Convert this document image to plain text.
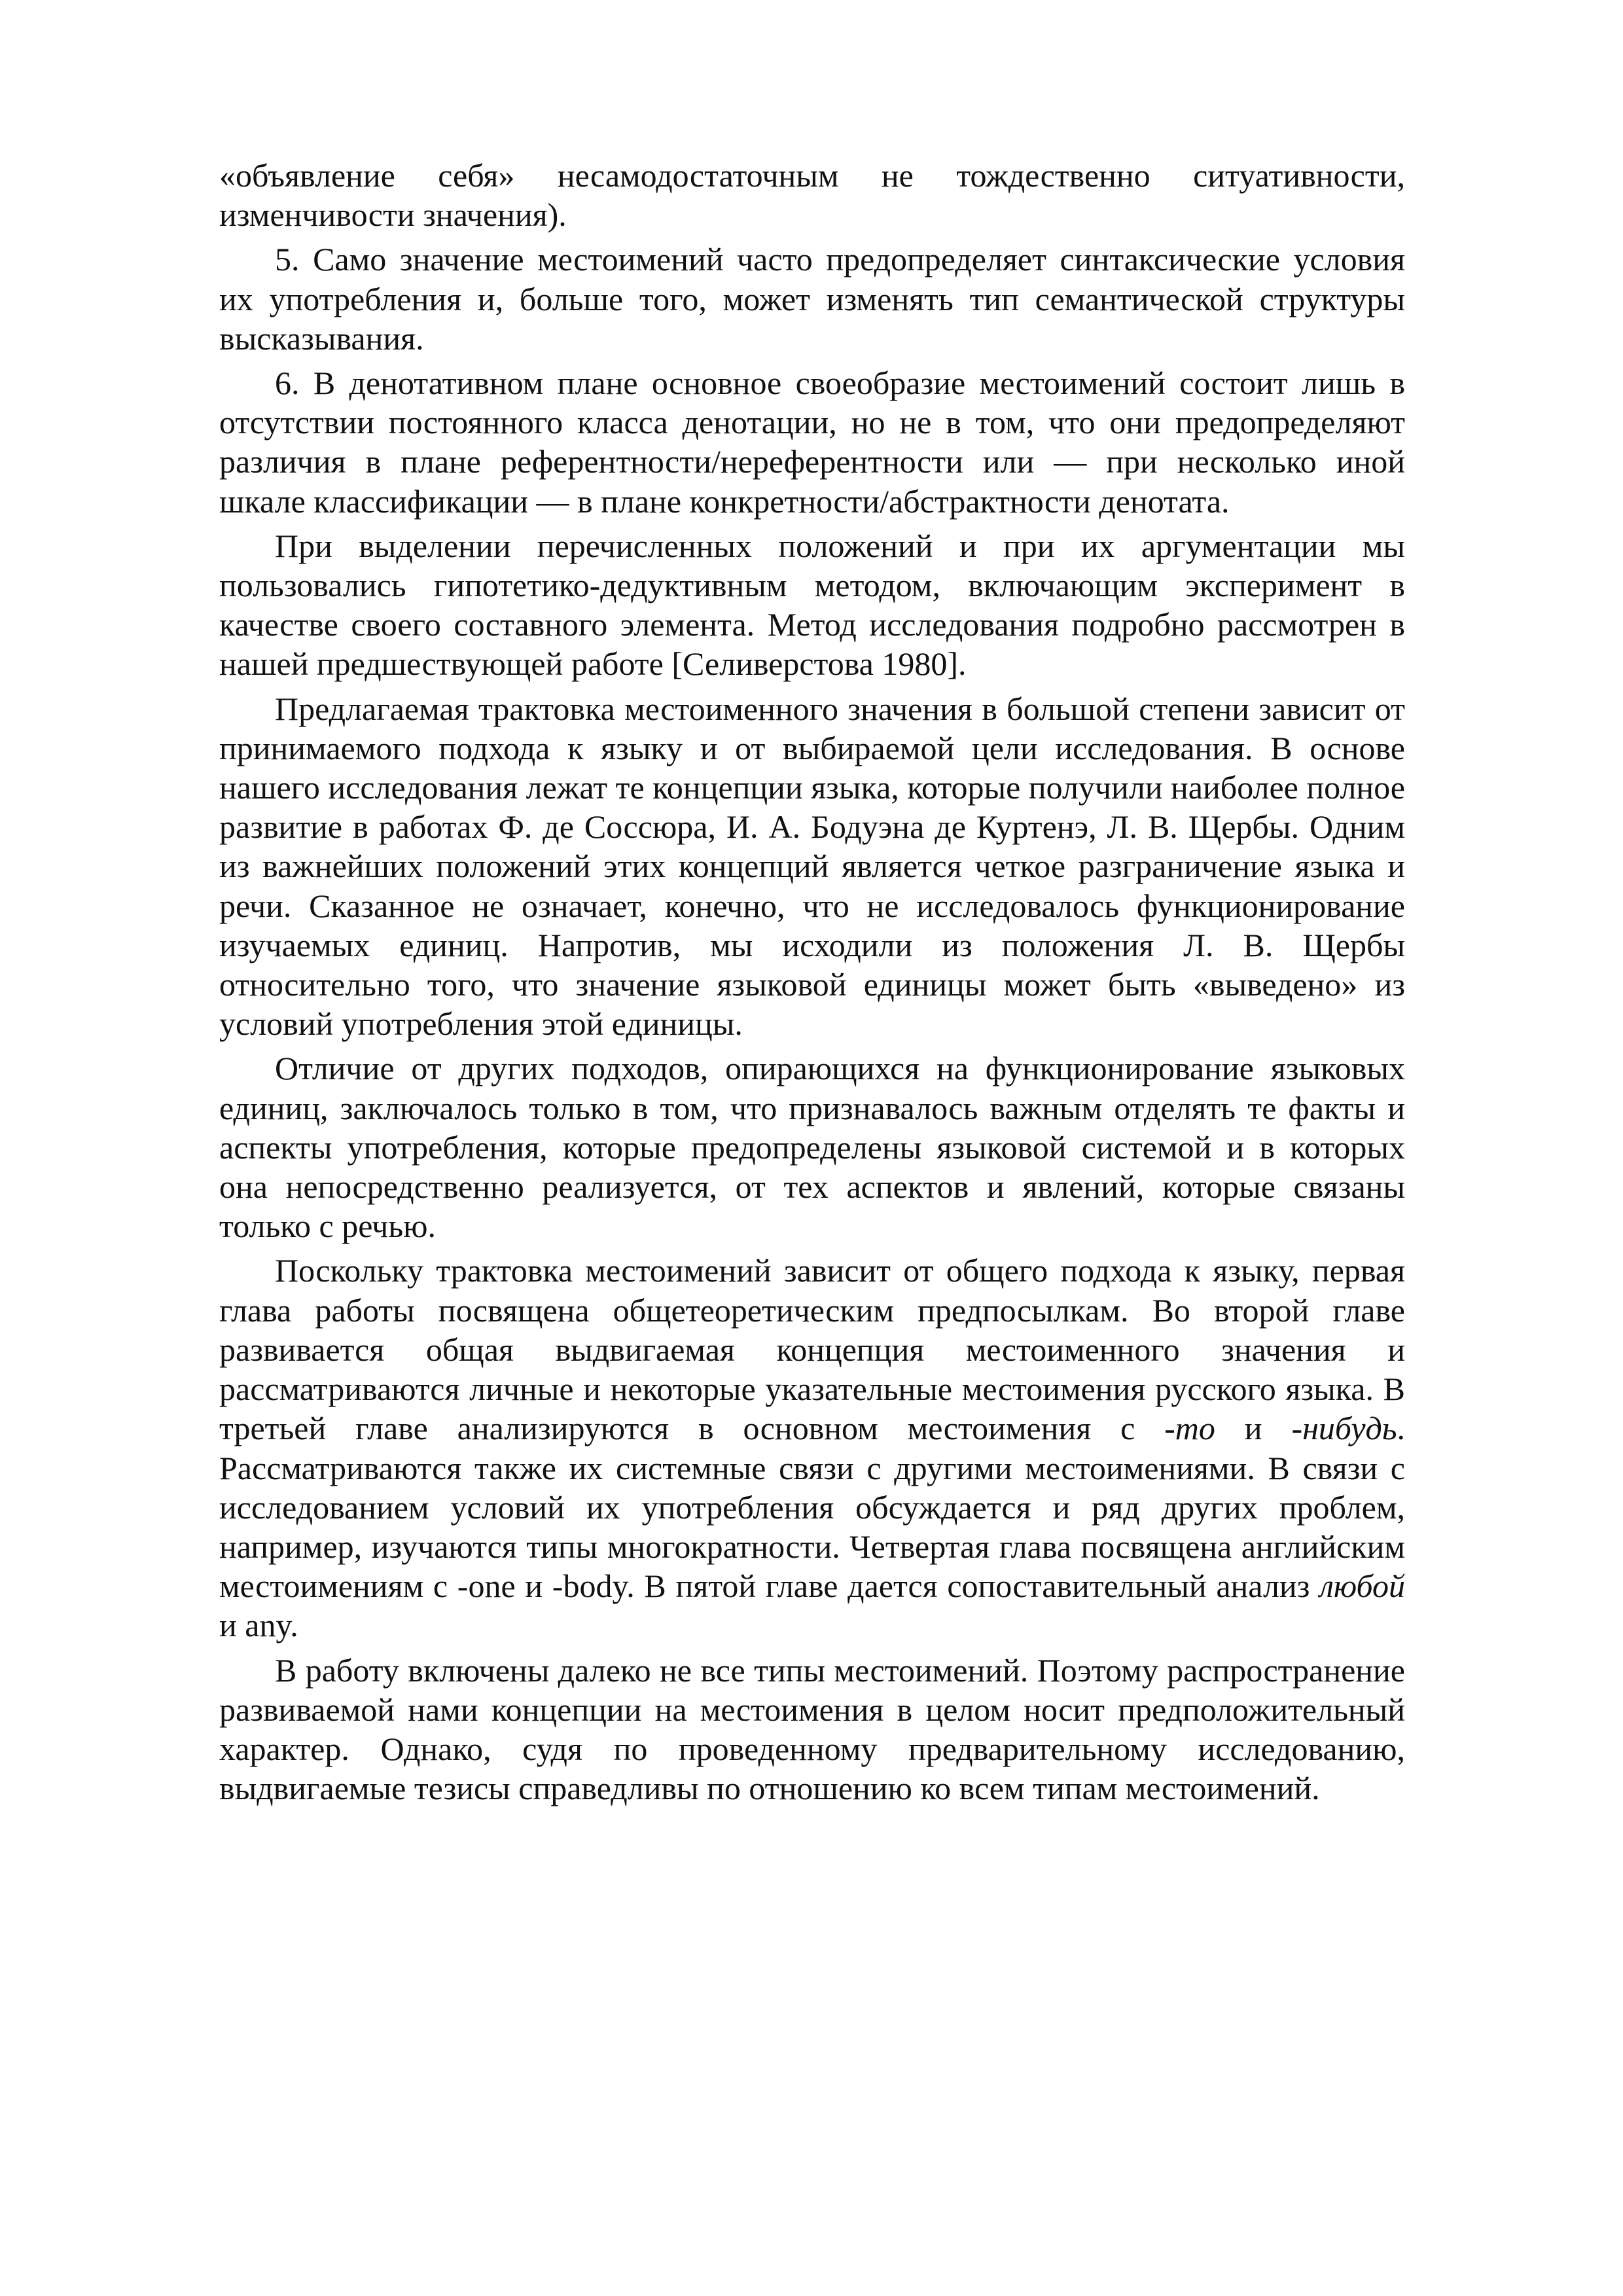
«объявление себя» несамодостаточным не тождественно ситуативности, изменчивости значения).

5. Само значение местоимений часто предопределяет синтаксические условия их употребления и, больше того, может изменять тип семантической структуры высказывания.

6. В денотативном плане основное своеобразие местоимений состоит лишь в отсутствии постоянного класса денотации, но не в том, что они предопределяют различия в плане референтности/нереферентности или — при несколько иной шкале классификации — в плане конкретности/абстрактности денотата.

При выделении перечисленных положений и при их аргументации мы пользовались гипотетико-дедуктивным методом, включающим эксперимент в качестве своего составного элемента. Метод исследования подробно рассмотрен в нашей предшествующей работе [Селиверстова 1980].

Предлагаемая трактовка местоименного значения в большой степени зависит от принимаемого подхода к языку и от выбираемой цели исследования. В основе нашего исследования лежат те концепции языка, которые получили наиболее полное развитие в работах Ф. де Соссюра, И. А. Бодуэна де Куртенэ, Л. В. Щербы. Одним из важнейших положений этих концепций является четкое разграничение языка и речи. Сказанное не означает, конечно, что не исследовалось функционирование изучаемых единиц. Напротив, мы исходили из положения Л. В. Щербы относительно того, что значение языковой единицы может быть «выведено» из условий употребления этой единицы.

Отличие от других подходов, опирающихся на функционирование языковых единиц, заключалось только в том, что признавалось важным отделять те факты и аспекты употребления, которые предопределены языковой системой и в которых она непосредственно реализуется, от тех аспектов и явлений, которые связаны только с речью.

Поскольку трактовка местоимений зависит от общего подхода к языку, первая глава работы посвящена общетеоретическим предпосылкам. Во второй главе развивается общая выдвигаемая концепция местоименного значения и рассматриваются личные и некоторые указательные местоимения русского языка. В третьей главе анализируются в основном местоимения с -то и -нибудь. Рассматриваются также их системные связи с другими местоимениями. В связи с исследованием условий их употребления обсуждается и ряд других проблем, например, изучаются типы многократности. Четвертая глава посвящена английским местоимениям с -one и -body. В пятой главе дается сопоставительный анализ любой и any.

В работу включены далеко не все типы местоимений. Поэтому распространение развиваемой нами концепции на местоимения в целом носит предположительный характер. Однако, судя по проведенному предварительному исследованию, выдвигаемые тезисы справедливы по отношению ко всем типам местоимений.
